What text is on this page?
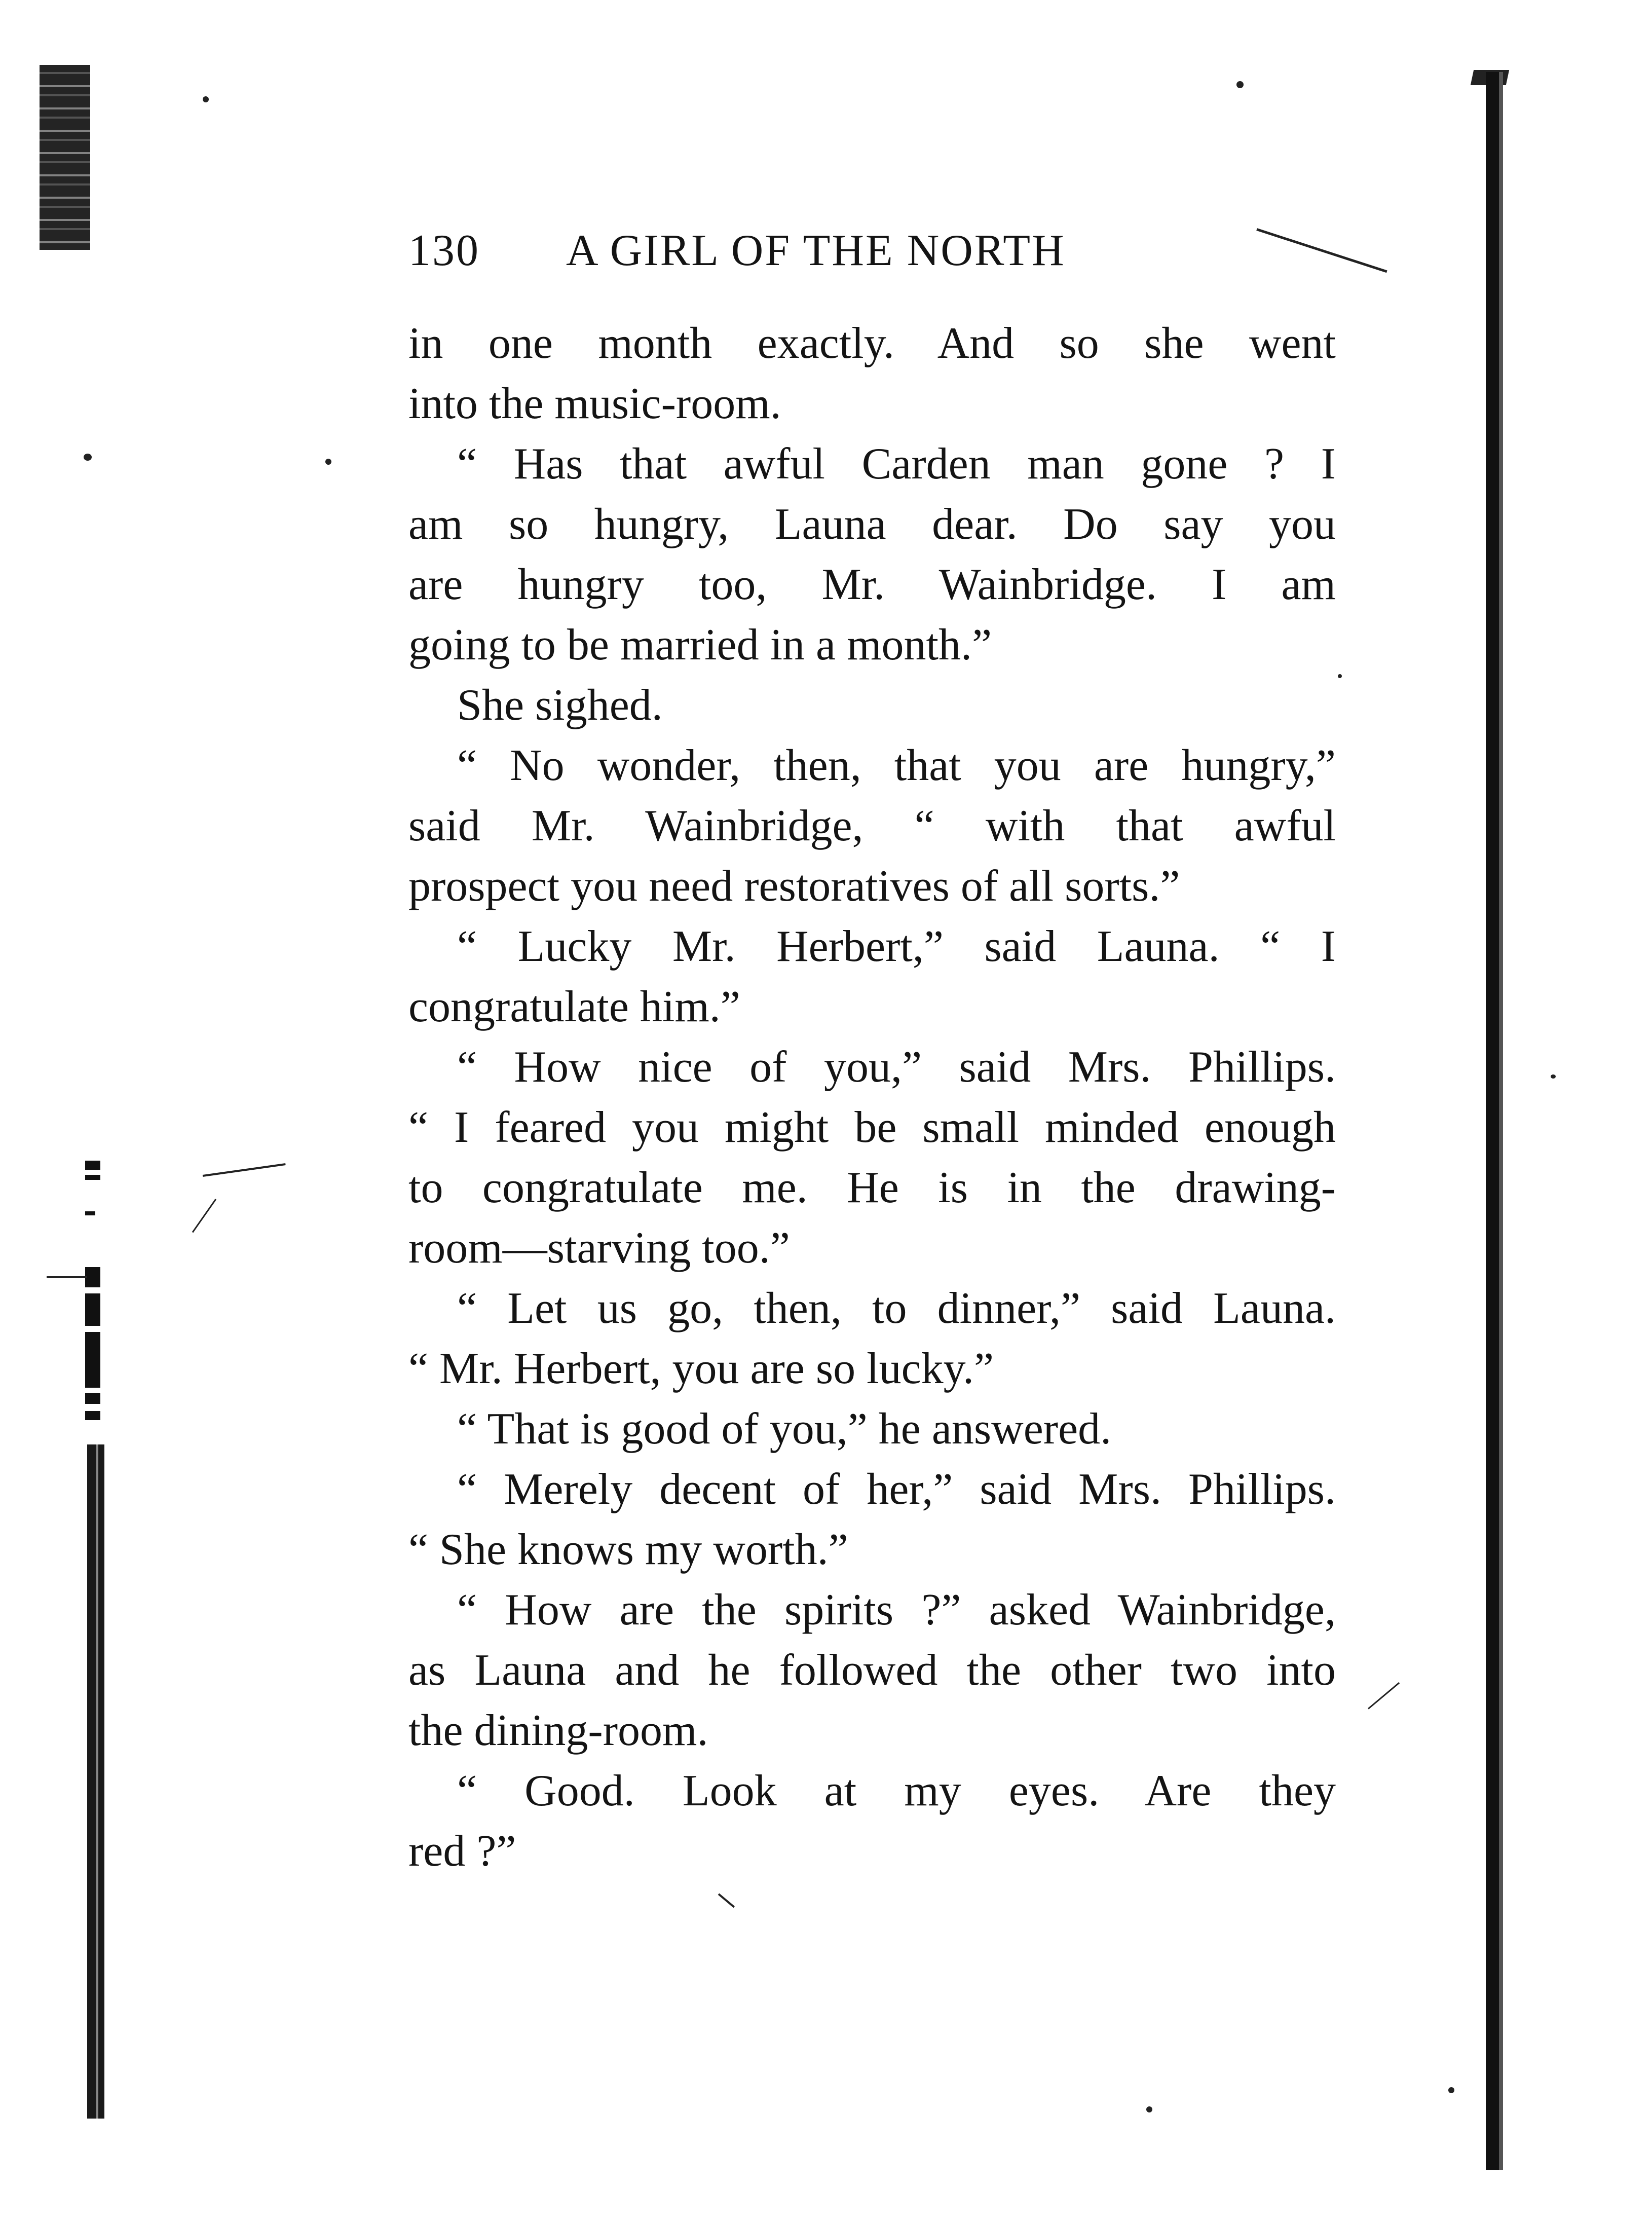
130 A GIRL OF THE NORTH
in one month exactly. And so she went
into the music-room.
“ Has that awful Carden man gone ? I
am so hungry, Launa dear. Do say you
are hungry too, Mr. Wainbridge. I am
going to be married in a month.”
She sighed.
“ No wonder, then, that you are hungry,”
said Mr. Wainbridge, “ with that awful
prospect you need restoratives of all sorts.”
“ Lucky Mr. Herbert,” said Launa. “ I
congratulate him.”
“ How nice of you,” said Mrs. Phillips.
“ I feared you might be small minded enough
to congratulate me. He is in the drawing-
room—starving too.”
“ Let us go, then, to dinner,” said Launa.
“ Mr. Herbert, you are so lucky.”
“ That is good of you,” he answered.
“ Merely decent of her,” said Mrs. Phillips.
“ She knows my worth.”
“ How are the spirits ?” asked Wainbridge,
as Launa and he followed the other two into
the dining-room.
“ Good. Look at my eyes. Are they
red ?”
